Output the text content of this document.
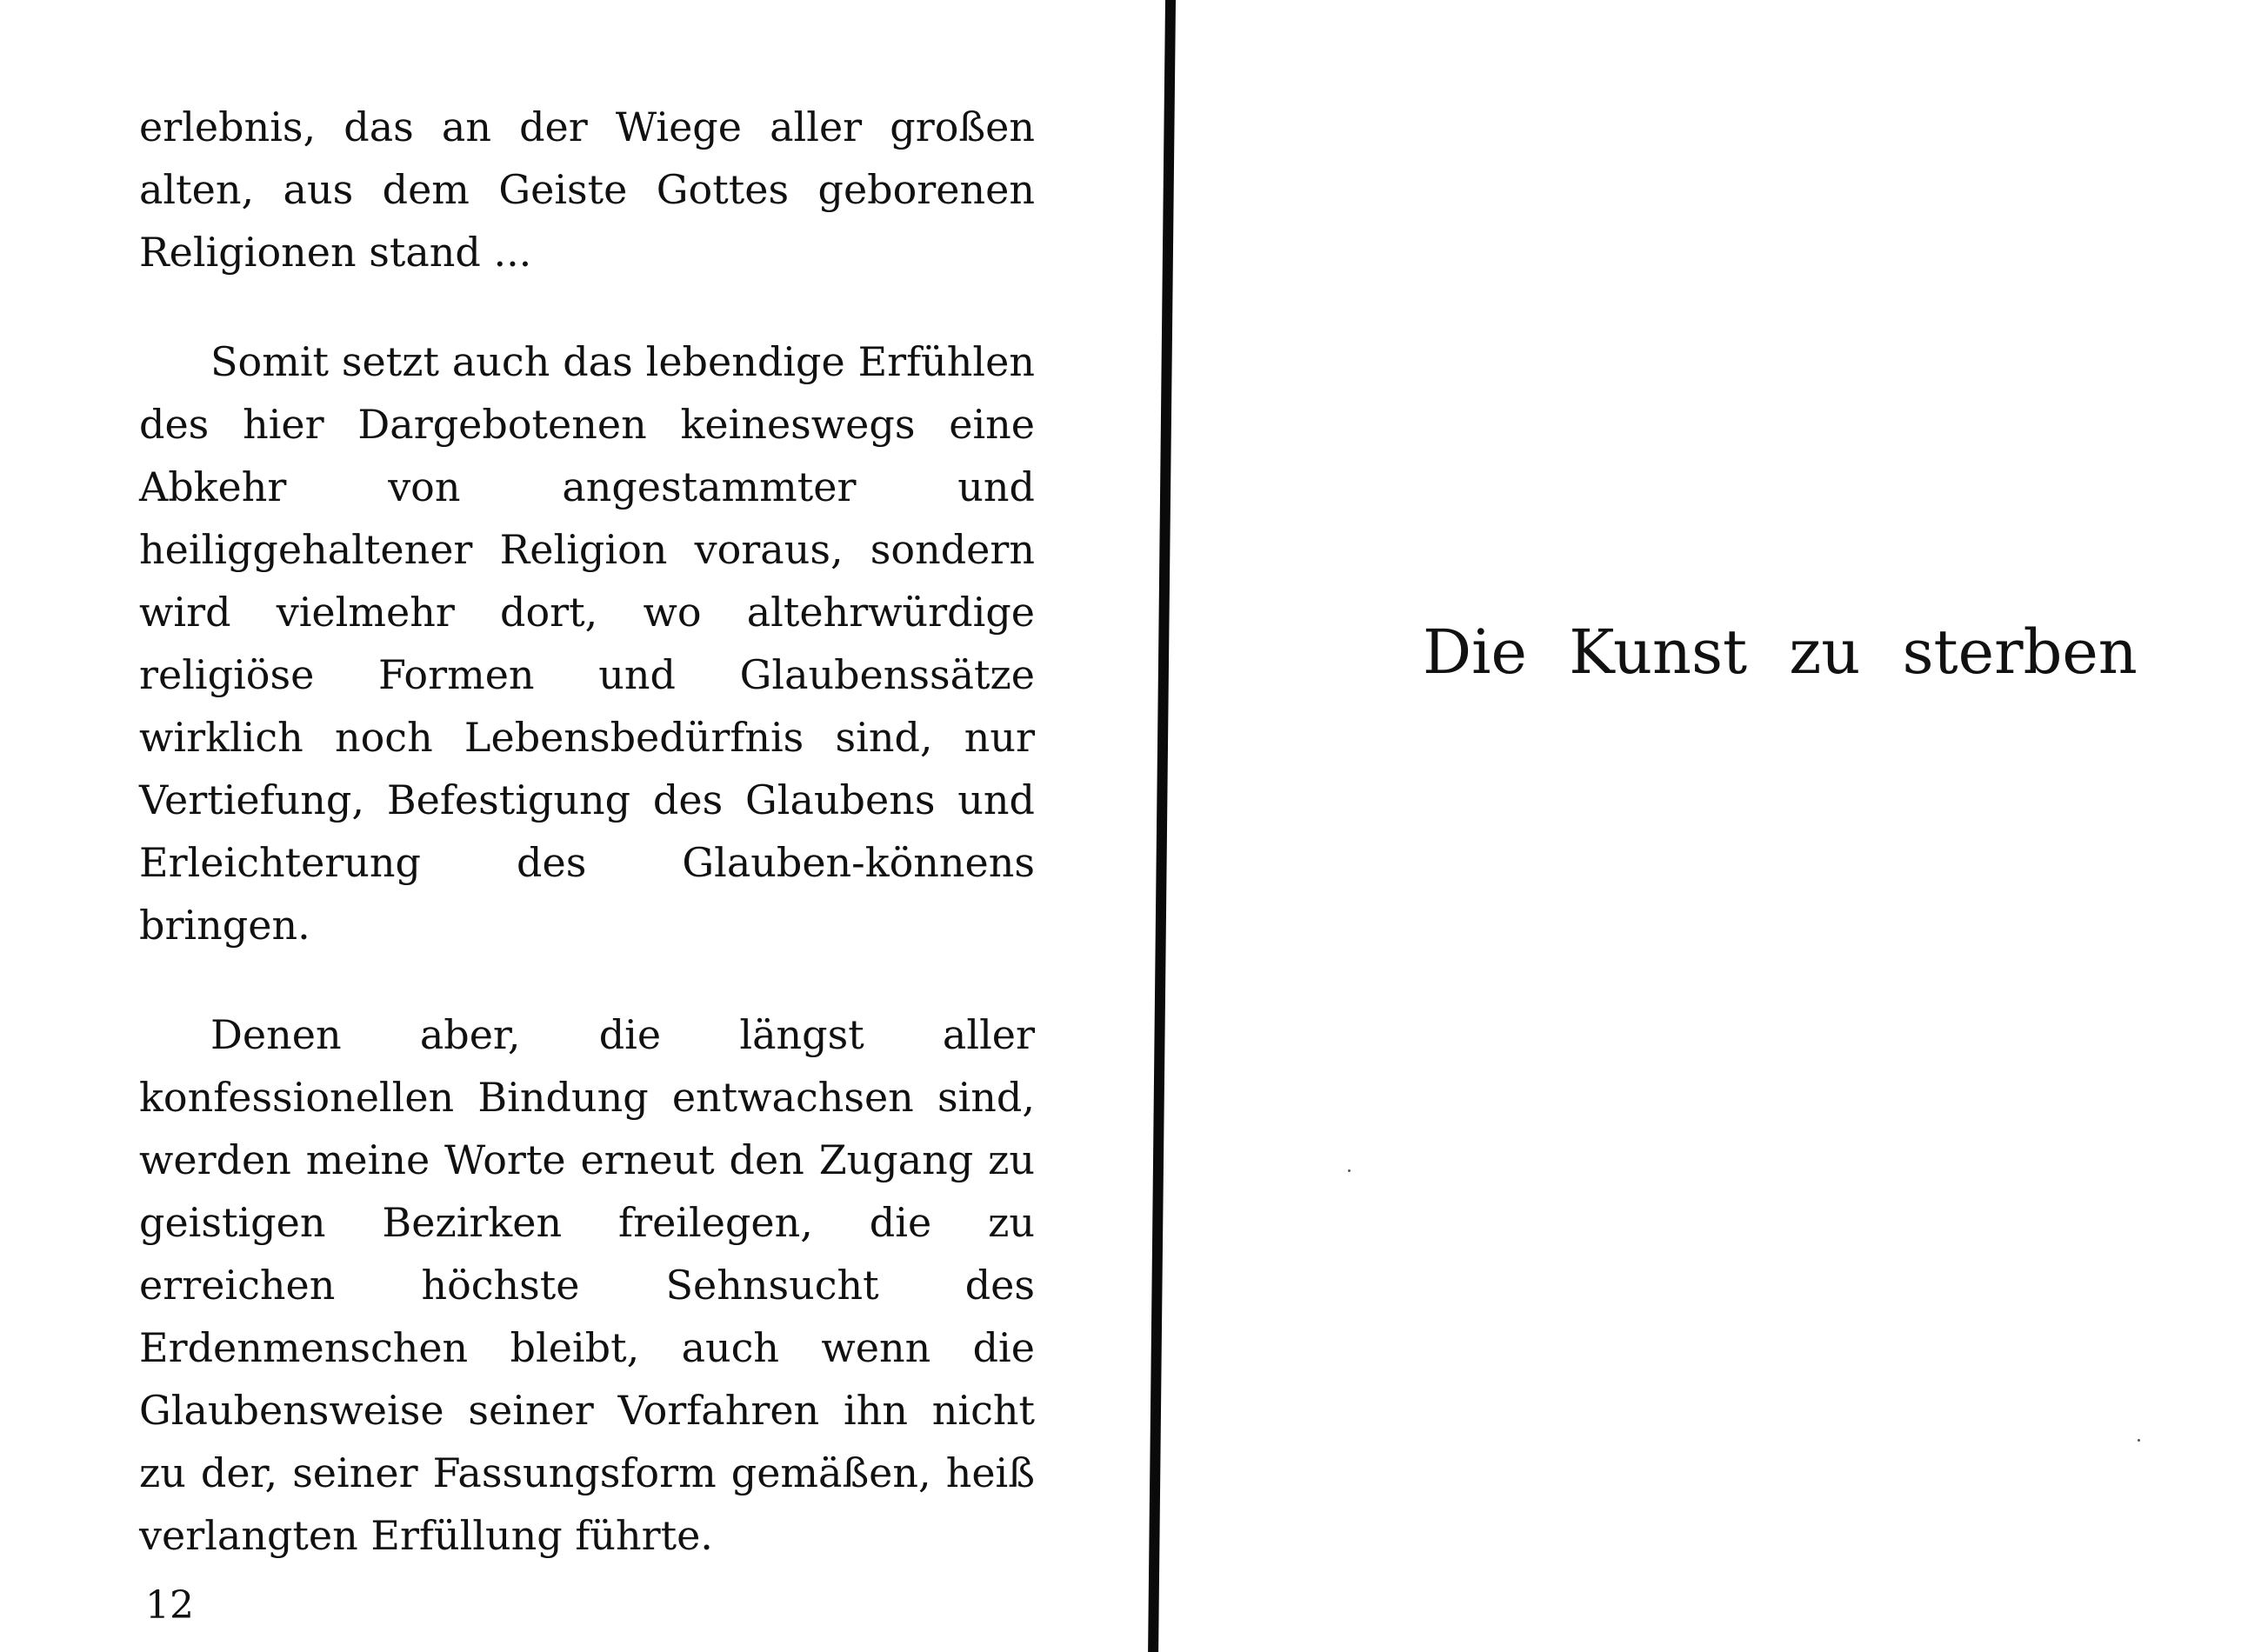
erlebnis, das an der Wiege aller großen alten, aus dem Geiste Gottes geborenen Religionen stand ...

Somit setzt auch das lebendige Erfühlen des hier Dargebotenen keineswegs eine Abkehr von angestammter und heiliggehaltener Religion voraus, sondern wird vielmehr dort, wo altehrwürdige religiöse Formen und Glaubenssätze wirklich noch Lebensbedürfnis sind, nur Vertiefung, Befestigung des Glaubens und Erleichterung des Glauben-könnens bringen.

Denen aber, die längst aller konfessionellen Bindung entwachsen sind, werden meine Worte erneut den Zugang zu geistigen Bezirken freilegen, die zu erreichen höchste Sehnsucht des Erdenmenschen bleibt, auch wenn die Glaubensweise seiner Vorfahren ihn nicht zu der, seiner Fassungsform gemäßen, heiß verlangten Erfüllung führte.

12
Die Kunst zu sterben
